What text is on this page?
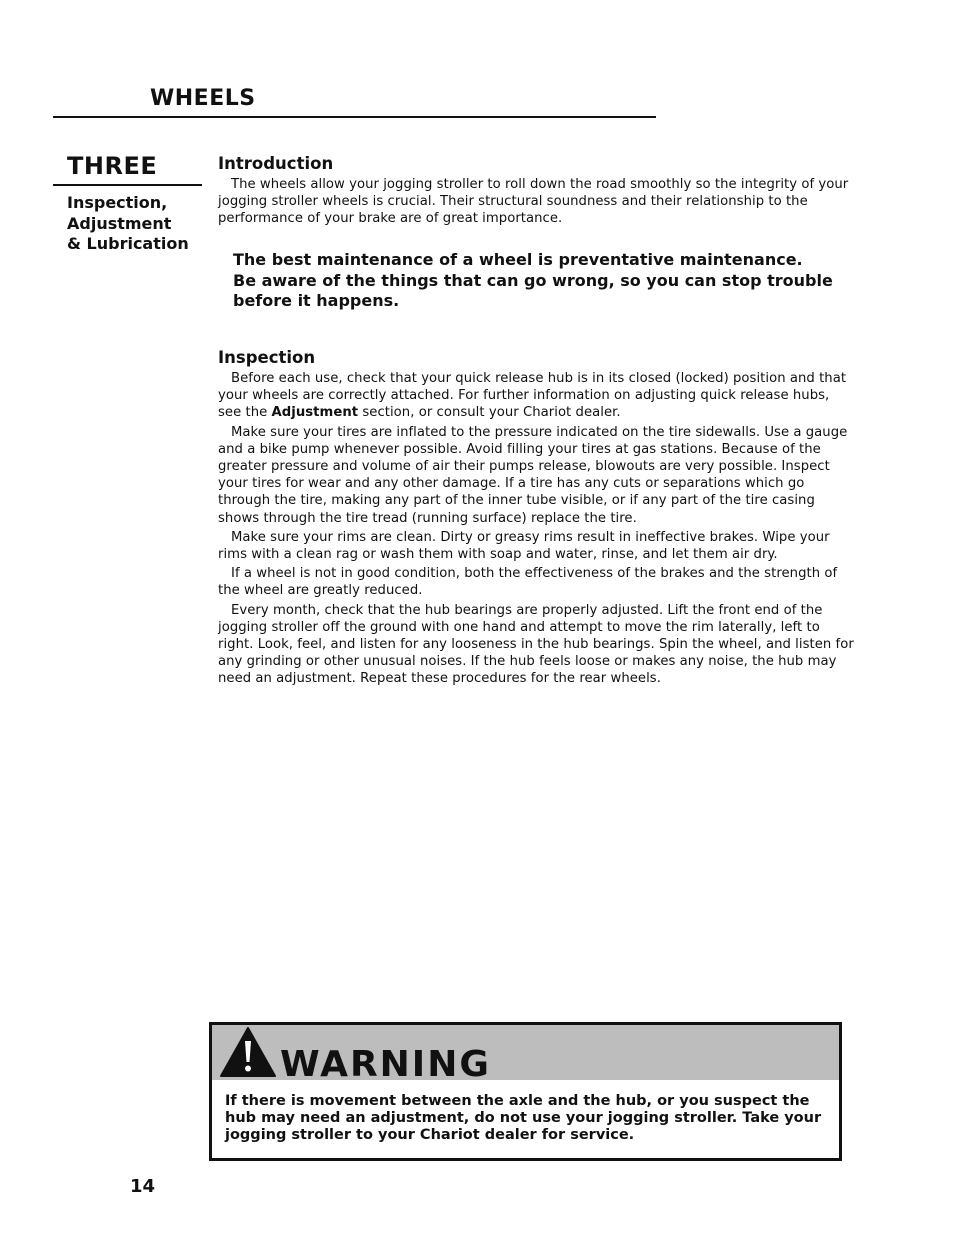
WHEELS
THREE
Inspection,
Adjustment
& Lubrication
Introduction

The wheels allow your jogging stroller to roll down the road smoothly so the integrity of your jogging stroller wheels is crucial. Their structural soundness and their relationship to the performance of your brake are of great importance.

The best maintenance of a wheel is preventative maintenance.
Be aware of the things that can go wrong, so you can stop trouble
before it happens.
Inspection

Before each use, check that your quick release hub is in its closed (locked) position and that your wheels are correctly attached. For further information on adjusting quick release hubs, see the Adjustment section, or consult your Chariot dealer.

Make sure your tires are inflated to the pressure indicated on the tire sidewalls. Use a gauge and a bike pump whenever possible. Avoid filling your tires at gas stations. Because of the greater pressure and volume of air their pumps release, blowouts are very possible. Inspect your tires for wear and any other damage. If a tire has any cuts or separations which go through the tire, making any part of the inner tube visible, or if any part of the tire casing shows through the tire tread (running surface) replace the tire.

Make sure your rims are clean. Dirty or greasy rims result in ineffective brakes. Wipe your rims with a clean rag or wash them with soap and water, rinse, and let them air dry.

If a wheel is not in good condition, both the effectiveness of the brakes and the strength of the wheel are greatly reduced.

Every month, check that the hub bearings are properly adjusted. Lift the front end of the jogging stroller off the ground with one hand and attempt to move the rim laterally, left to right. Look, feel, and listen for any looseness in the hub bearings. Spin the wheel, and listen for any grinding or other unusual noises. If the hub feels loose or makes any noise, the hub may need an adjustment. Repeat these procedures for the rear wheels.

WARNING
If there is movement between the axle and the hub, or you suspect the hub may need an adjustment, do not use your jogging stroller. Take your jogging stroller to your Chariot dealer for service.
14
